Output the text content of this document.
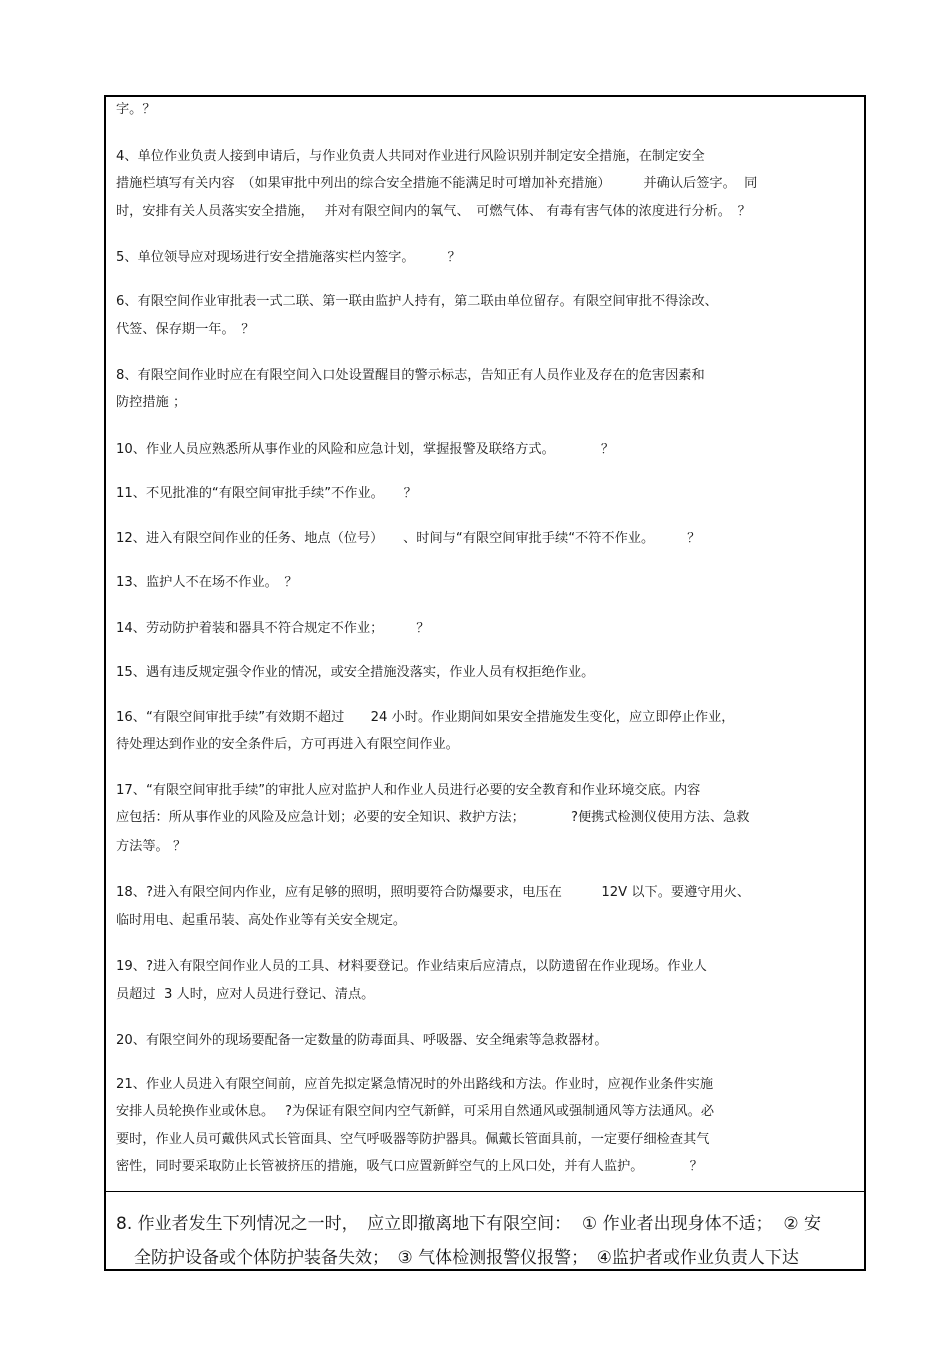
字。？

4、单位作业负责人接到申请后，与作业负责人共同对作业进行风险识别并制定安全措施，在制定安全

措施栏填写有关内容　（如果审批中列出的综合安全措施不能满足时可增加补充措施）　　　并确认后签字。  同

时，安排有关人员落实安全措施，　 并对有限空间内的氧气、　可燃气体、 有毒有害气体的浓度进行分析。　？

5、单位领导应对现场进行安全措施落实栏内签字。　　　？

6、有限空间作业审批表一式二联、第一联由监护人持有，第二联由单位留存。有限空间审批不得涂改、

代签、保存期一年。　？

8、有限空间作业时应在有限空间入口处设置醒目的警示标志，告知正有人员作业及存在的危害因素和

防控措施 ；

10、作业人员应熟悉所从事作业的风险和应急计划，掌握报警及联络方式。　　　　？

11、不见批准的“有限空间审批手续”不作业。　　？

12、进入有限空间作业的任务、地点（位号）　　、时间与“有限空间审批手续“不符不作业。　　　？

13、监护人不在场不作业。　？

14、劳动防护着装和器具不符合规定不作业；　　　？

15、遇有违反规定强令作业的情况，或安全措施没落实，作业人员有权拒绝作业。

16、“有限空间审批手续”有效期不超过　　24 小时。作业期间如果安全措施发生变化，应立即停止作业，

待处理达到作业的安全条件后，方可再进入有限空间作业。

17、“有限空间审批手续”的审批人应对监护人和作业人员进行必要的安全教育和作业环境交底。内容

应包括：所从事作业的风险及应急计划；必要的安全知识、救护方法；　　　　?便携式检测仪使用方法、急救

方法等。 ？

18、?进入有限空间内作业，应有足够的照明，照明要符合防爆要求，电压在　　　12V 以下。要遵守用火、

临时用电、起重吊装、高处作业等有关安全规定。

19、?进入有限空间作业人员的工具、材料要登记。作业结束后应清点，以防遗留在作业现场。作业人

员超过  3 人时，应对人员进行登记、清点。

20、有限空间外的现场要配备一定数量的防毒面具、呼吸器、安全绳索等急救器材。

21、作业人员进入有限空间前，应首先拟定紧急情况时的外出路线和方法。作业时，应视作业条件实施

安排人员轮换作业或休息。　 ?为保证有限空间内空气新鲜，可采用自然通风或强制通风等方法通风。必

要时，作业人员可戴供风式长管面具、空气呼吸器等防护器具。佩戴长管面具前，一定要仔细检查其气

密性，同时要采取防止长管被挤压的措施，吸气口应置新鲜空气的上风口处，并有人监护。　　　　？

8. 作业者发生下列情况之一时，　应立即撤离地下有限空间：  ① 作业者出现身体不适；  ② 安

全防护设备或个体防护装备失效；　③ 气体检测报警仪报警；　④监护者或作业负责人下达
